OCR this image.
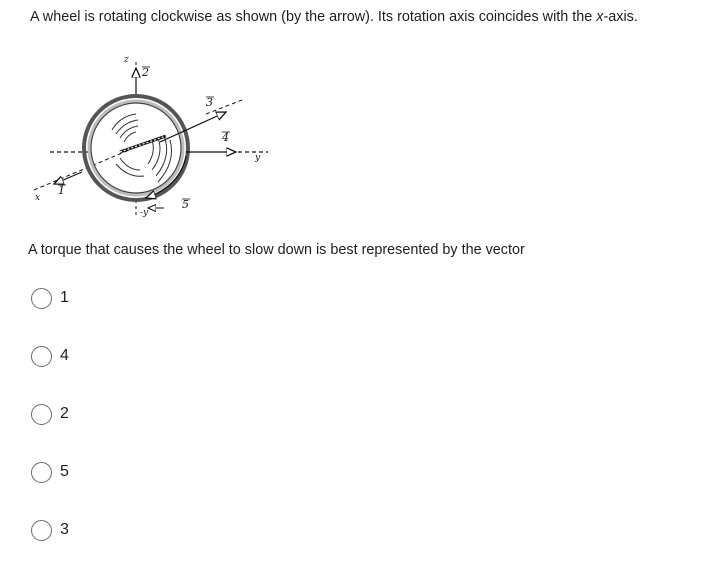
A wheel is rotating clockwise as shown (by the arrow). Its rotation axis coincides with the x-axis.
z
2
3
4
y
x
1
-y
5
A torque that causes the wheel to slow down is best represented by the vector
1
4
2
5
3
